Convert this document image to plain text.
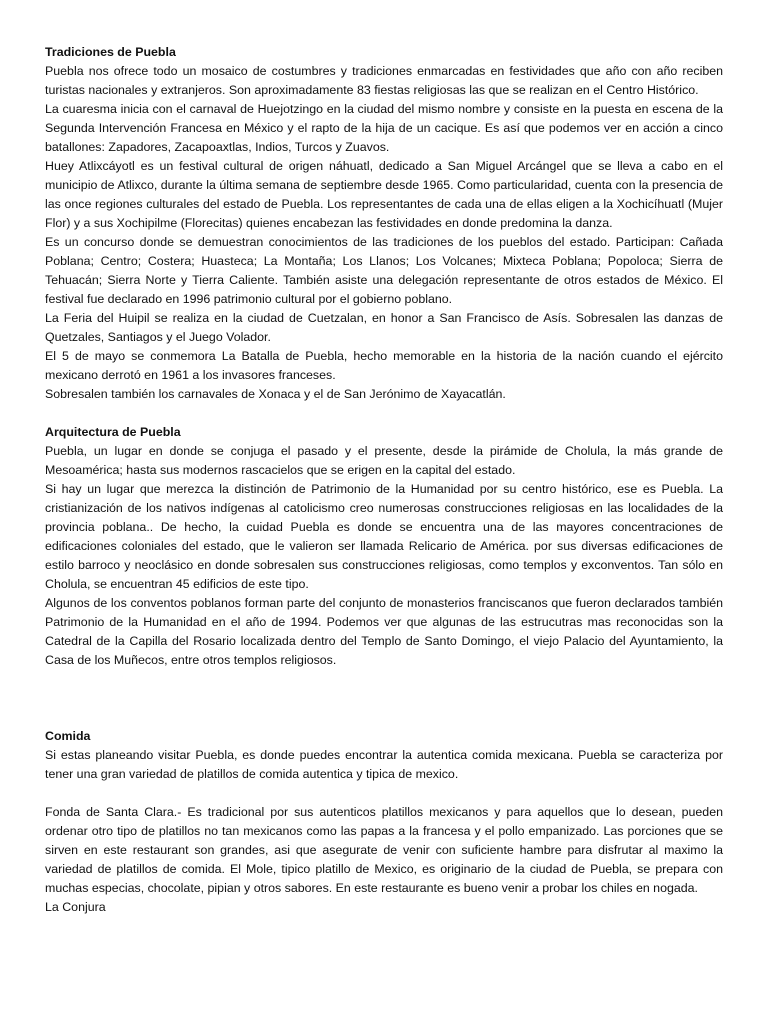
Tradiciones de Puebla

Puebla nos ofrece todo un mosaico de costumbres y tradiciones enmarcadas en festividades que año con año reciben turistas nacionales y extranjeros. Son aproximadamente 83 fiestas religiosas las que se realizan en el Centro Histórico.

La cuaresma inicia con el carnaval de Huejotzingo en la ciudad del mismo nombre y consiste en la puesta en escena de la Segunda Intervención Francesa en México y el rapto de la hija de un cacique. Es así que podemos ver en acción a cinco batallones: Zapadores, Zacapoaxtlas, Indios, Turcos y Zuavos.

Huey Atlixcáyotl es un festival cultural de origen náhuatl, dedicado a San Miguel Arcángel que se lleva a cabo en el municipio de Atlixco, durante la última semana de septiembre desde 1965. Como particularidad, cuenta con la presencia de las once regiones culturales del estado de Puebla. Los representantes de cada una de ellas eligen a la Xochicíhuatl (Mujer Flor) y a sus Xochipilme (Florecitas) quienes encabezan las festividades en donde predomina la danza.

Es un concurso donde se demuestran conocimientos de las tradiciones de los pueblos del estado. Participan: Cañada Poblana; Centro; Costera; Huasteca; La Montaña; Los Llanos; Los Volcanes; Mixteca Poblana; Popoloca; Sierra de Tehuacán; Sierra Norte y Tierra Caliente. También asiste una delegación representante de otros estados de México. El festival fue declarado en 1996 patrimonio cultural por el gobierno poblano.

La Feria del Huipil se realiza en la ciudad de Cuetzalan, en honor a San Francisco de Asís. Sobresalen las danzas de Quetzales, Santiagos y el Juego Volador.

El 5 de mayo se conmemora La Batalla de Puebla, hecho memorable en la historia de la nación cuando el ejército mexicano derrotó en 1961 a los invasores franceses.

Sobresalen también los carnavales de Xonaca y el de San Jerónimo de Xayacatlán.

Arquitectura de Puebla

Puebla, un lugar en donde se conjuga el pasado y el presente, desde la pirámide de Cholula, la más grande de Mesoamérica; hasta sus modernos rascacielos que se erigen en la capital del estado.

Si hay un lugar que merezca la distinción de Patrimonio de la Humanidad por su centro histórico, ese es Puebla. La cristianización de los nativos indígenas al catolicismo creo numerosas construcciones religiosas en las localidades de la provincia poblana.. De hecho, la cuidad Puebla es donde se encuentra una de las mayores concentraciones de edificaciones coloniales del estado, que le valieron ser llamada Relicario de América. por sus diversas edificaciones de estilo barroco y neoclásico en donde sobresalen sus construcciones religiosas, como templos y exconventos. Tan sólo en Cholula, se encuentran 45 edificios de este tipo.

Algunos de los conventos poblanos forman parte del conjunto de monasterios franciscanos que fueron declarados también Patrimonio de la Humanidad en el año de 1994. Podemos ver que algunas de las estrucutras mas reconocidas son la Catedral de la Capilla del Rosario localizada dentro del Templo de Santo Domingo, el viejo Palacio del Ayuntamiento, la Casa de los Muñecos, entre otros templos religiosos.

Comida

Si estas planeando visitar Puebla, es donde puedes encontrar la autentica comida mexicana. Puebla se caracteriza por tener una gran variedad de platillos de comida autentica y tipica de mexico.

Fonda de Santa Clara.- Es tradicional por sus autenticos platillos mexicanos y para aquellos que lo desean, pueden ordenar otro tipo de platillos no tan mexicanos como las papas a la francesa y el pollo empanizado. Las porciones que se sirven en este restaurant son grandes, asi que asegurate de venir con suficiente hambre para disfrutar al maximo la variedad de platillos de comida. El Mole, tipico platillo de Mexico, es originario de la ciudad de Puebla, se prepara con muchas especias, chocolate, pipian y otros sabores. En este restaurante es bueno venir a probar los chiles en nogada.

La Conjura
